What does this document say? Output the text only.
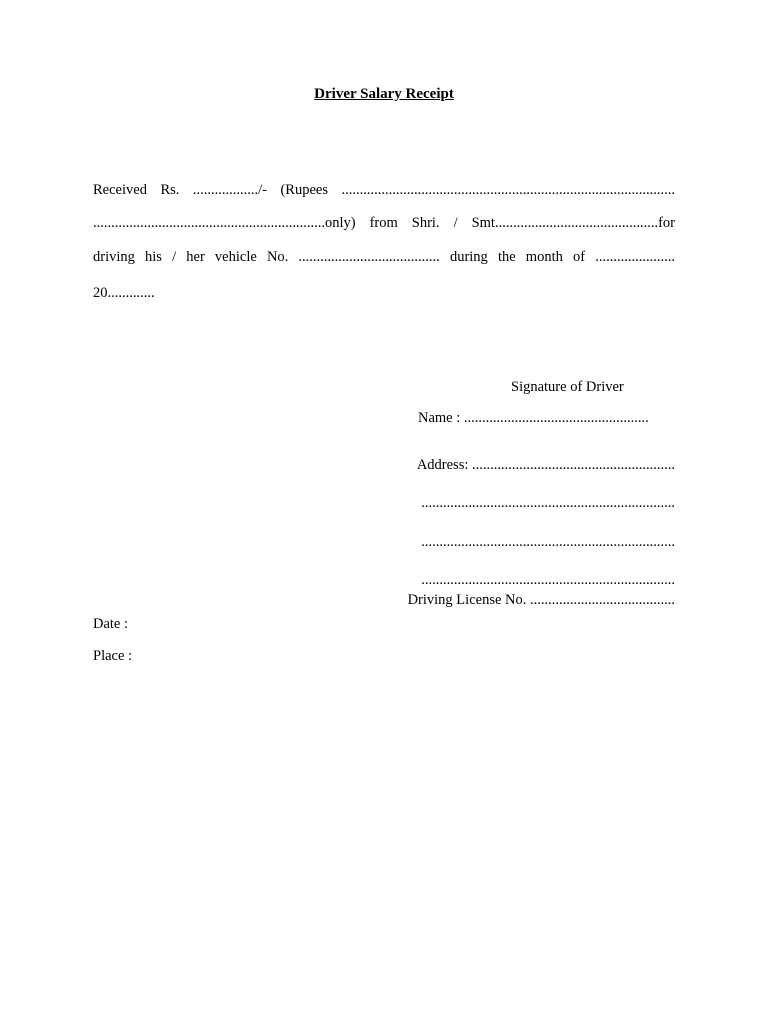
Driver Salary Receipt
Received Rs. ................../- (Rupees ............................................................................................
................................................................only) from Shri. / Smt.............................................for
driving his / her vehicle No. ....................................... during the month of ......................
20.............
Signature of Driver
Name : ...................................................
Address: ........................................................
......................................................................
......................................................................
......................................................................
Driving License No. ........................................
Date :
Place :
